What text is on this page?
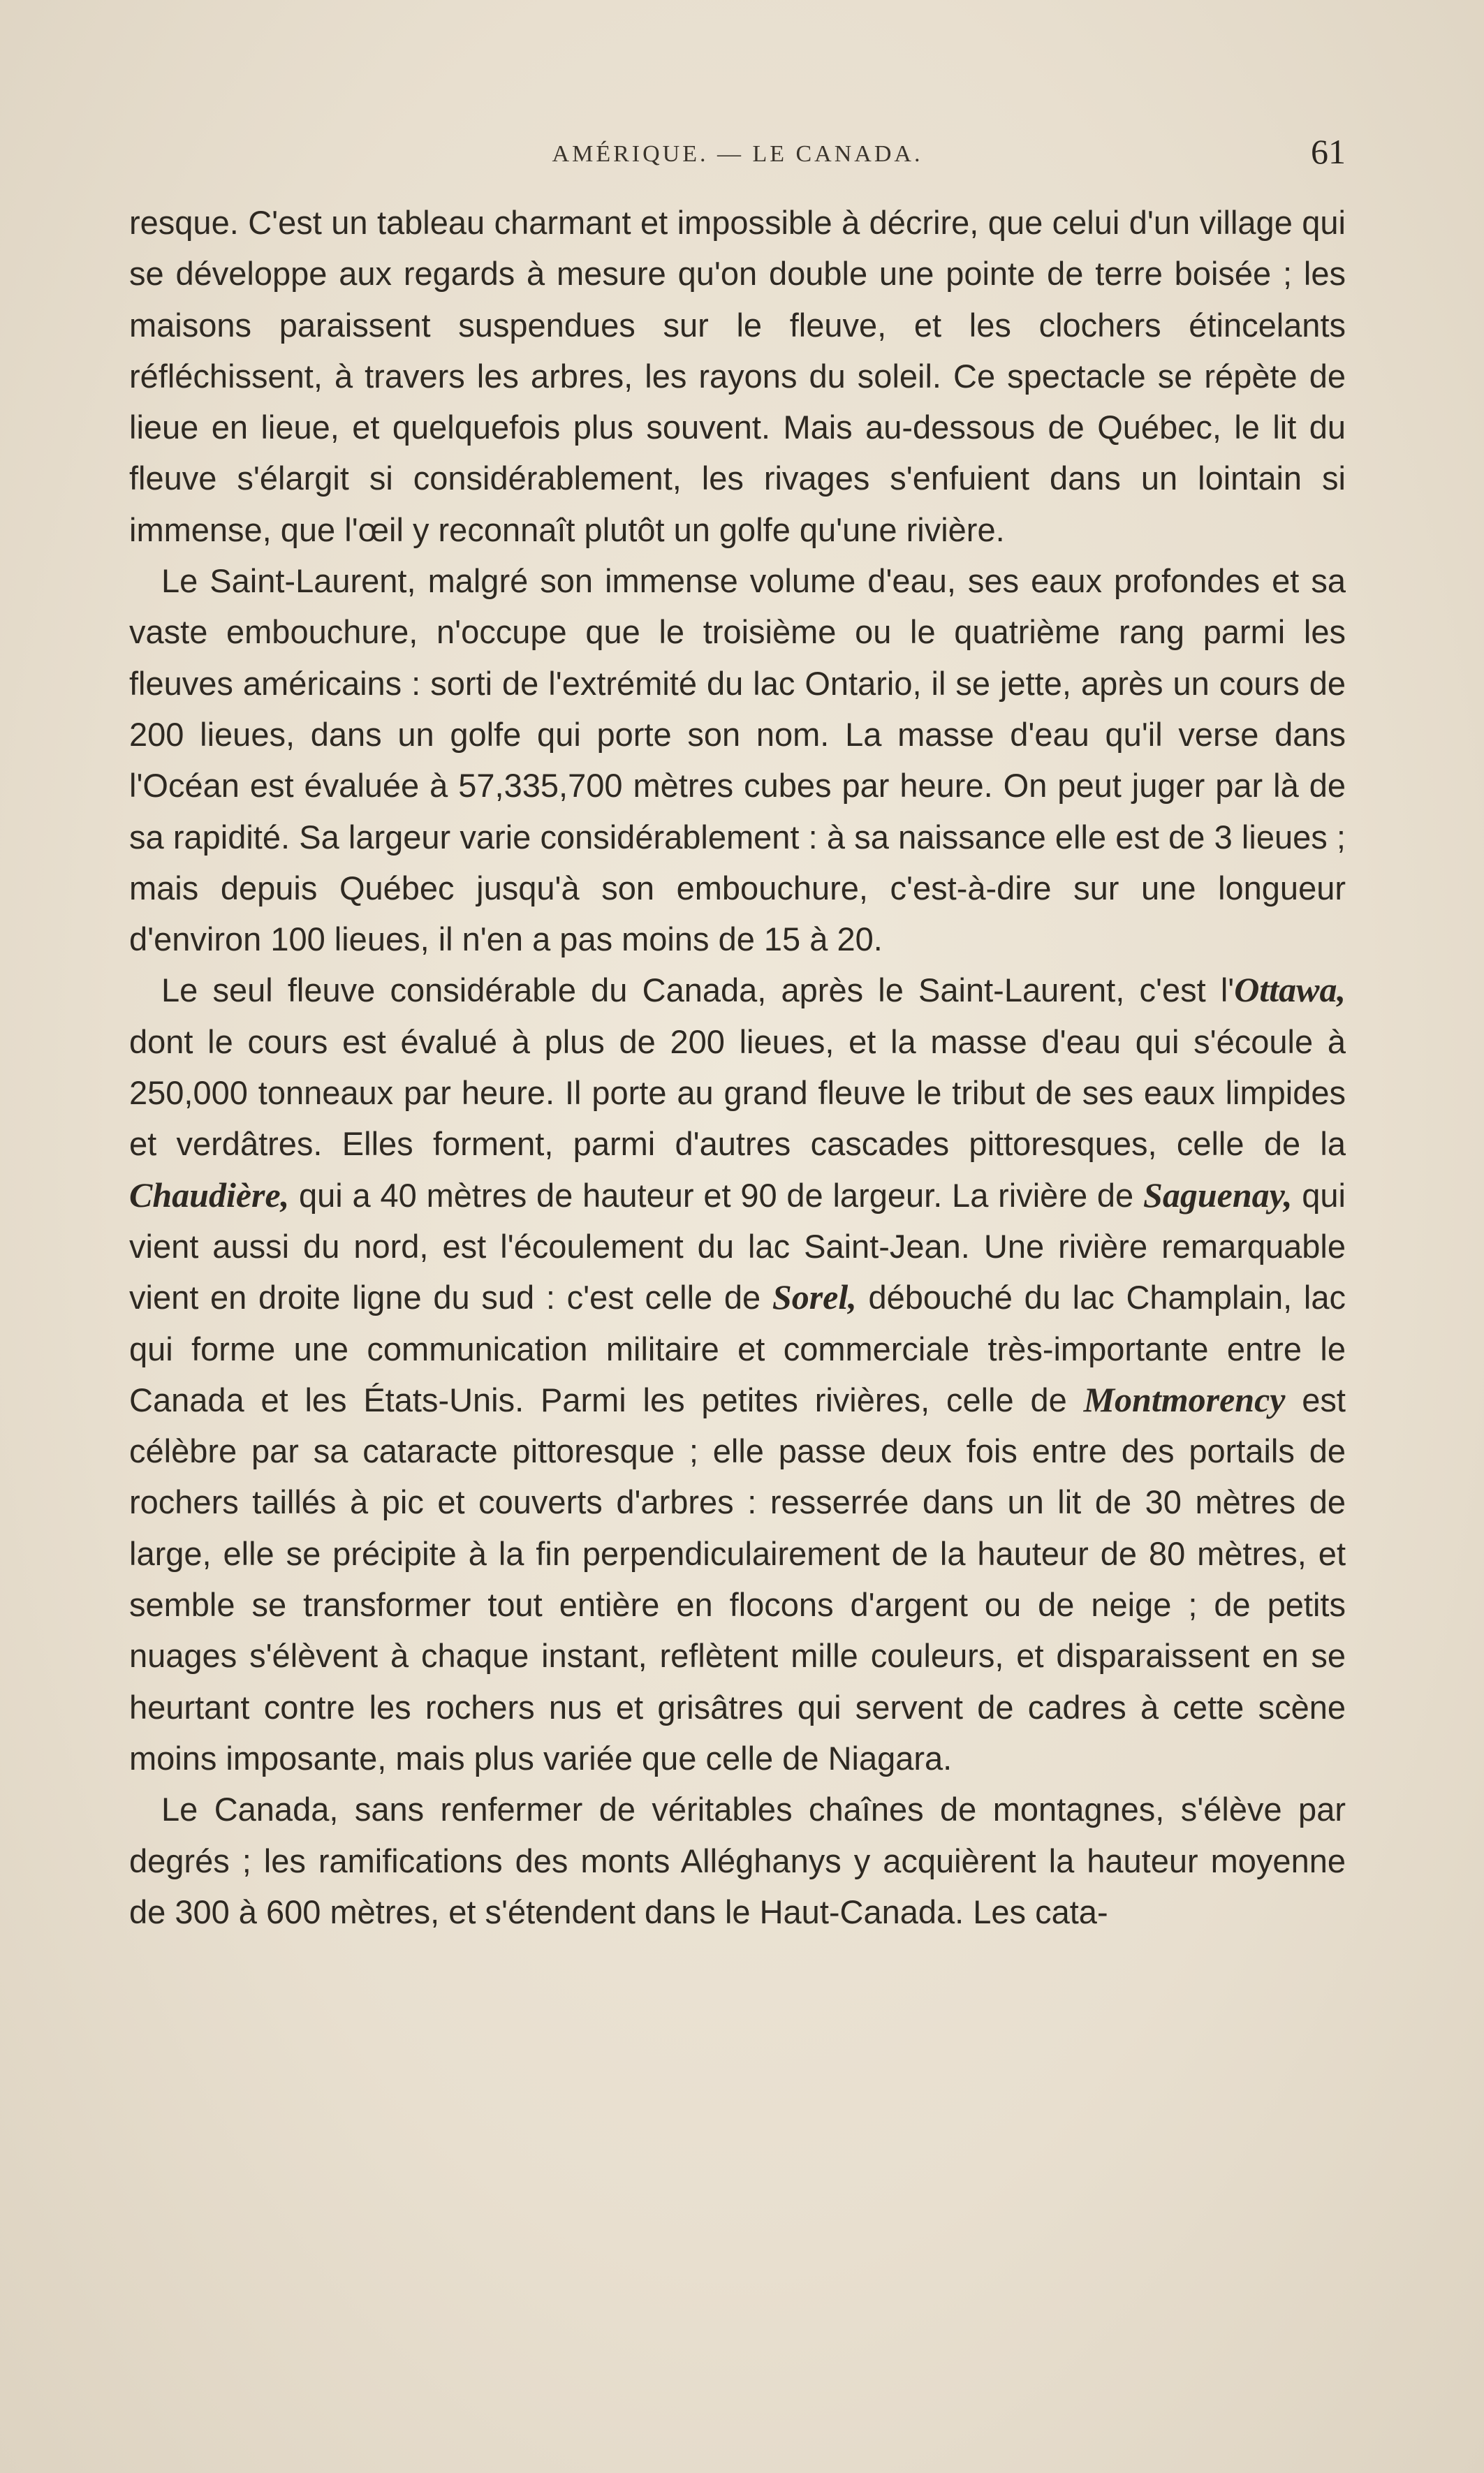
AMÉRIQUE. — LE CANADA.	61

resque. C'est un tableau charmant et impossible à décrire, que celui d'un village qui se développe aux regards à mesure qu'on double une pointe de terre boisée ; les maisons paraissent suspendues sur le fleuve, et les clochers étincelants réfléchissent, à travers les arbres, les rayons du soleil. Ce spectacle se répète de lieue en lieue, et quelquefois plus souvent. Mais au-dessous de Québec, le lit du fleuve s'élargit si considérablement, les rivages s'enfuient dans un lointain si immense, que l'œil y reconnaît plutôt un golfe qu'une rivière.

Le Saint-Laurent, malgré son immense volume d'eau, ses eaux profondes et sa vaste embouchure, n'occupe que le troisième ou le quatrième rang parmi les fleuves américains : sorti de l'extrémité du lac Ontario, il se jette, après un cours de 200 lieues, dans un golfe qui porte son nom. La masse d'eau qu'il verse dans l'Océan est évaluée à 57,335,700 mètres cubes par heure. On peut juger par là de sa rapidité. Sa largeur varie considérablement : à sa naissance elle est de 3 lieues ; mais depuis Québec jusqu'à son embouchure, c'est-à-dire sur une longueur d'environ 100 lieues, il n'en a pas moins de 15 à 20.

Le seul fleuve considérable du Canada, après le Saint-Laurent, c'est l'Ottawa, dont le cours est évalué à plus de 200 lieues, et la masse d'eau qui s'écoule à 250,000 tonneaux par heure. Il porte au grand fleuve le tribut de ses eaux limpides et verdâtres. Elles forment, parmi d'autres cascades pittoresques, celle de la Chaudière, qui a 40 mètres de hauteur et 90 de largeur. La rivière de Saguenay, qui vient aussi du nord, est l'écoulement du lac Saint-Jean. Une rivière remarquable vient en droite ligne du sud : c'est celle de Sorel, débouché du lac Champlain, lac qui forme une communication militaire et commerciale très-importante entre le Canada et les États-Unis. Parmi les petites rivières, celle de Montmorency est célèbre par sa cataracte pittoresque ; elle passe deux fois entre des portails de rochers taillés à pic et couverts d'arbres : resserrée dans un lit de 30 mètres de large, elle se précipite à la fin perpendiculairement de la hauteur de 80 mètres, et semble se transformer tout entière en flocons d'argent ou de neige ; de petits nuages s'élèvent à chaque instant, reflètent mille couleurs, et disparaissent en se heurtant contre les rochers nus et grisâtres qui servent de cadres à cette scène moins imposante, mais plus variée que celle de Niagara.

Le Canada, sans renfermer de véritables chaînes de montagnes, s'élève par degrés ; les ramifications des monts Alléghanys y acquièrent la hauteur moyenne de 300 à 600 mètres, et s'étendent dans le Haut-Canada. Les cata-
